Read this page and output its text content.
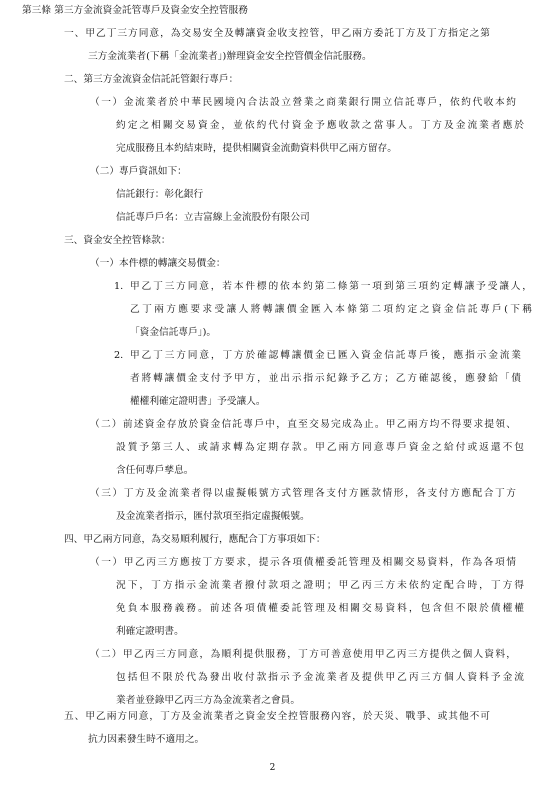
第三條 第三方金流資金託管專戶及資金安全控管服務
一、甲乙丁三方同意，為交易安全及轉讓資金收支控管，甲乙兩方委託丁方及丁方指定之第
三方金流業者(下稱「金流業者」)辦理資金安全控管價金信託服務。
二、第三方金流資金信託託管銀行專戶：
（一）金流業者於中華民國境內合法設立營業之商業銀行開立信託專戶，依約代收本約
約定之相關交易資金，並依約代付資金予應收款之當事人。丁方及金流業者應於
完成服務且本約結束時，提供相關資金流動資料供甲乙兩方留存。
（二）專戶資訊如下：
信託銀行：彰化銀行
信託專戶戶名：立吉富線上金流股份有限公司
三、資金安全控管條款：
（一）本件標的轉讓交易價金：
1. 甲乙丁三方同意，若本件標的依本約第二條第一項到第三項約定轉讓予受讓人，
乙丁兩方應要求受讓人將轉讓價金匯入本條第二項約定之資金信託專戶(下稱
「資金信託專戶」)。
2. 甲乙丁三方同意，丁方於確認轉讓價金已匯入資金信託專戶後，應指示金流業
者將轉讓價金支付予甲方，並出示指示紀錄予乙方；乙方確認後，應發給「債
權權利確定證明書」予受讓人。
（二）前述資金存放於資金信託專戶中，直至交易完成為止。甲乙兩方均不得要求提領、
設質予第三人、或請求轉為定期存款。甲乙兩方同意專戶資金之給付或返還不包
含任何專戶孳息。
（三）丁方及金流業者得以虛擬帳號方式管理各支付方匯款情形，各支付方應配合丁方
及金流業者指示，匯付款項至指定虛擬帳號。
四、甲乙兩方同意，為交易順利履行，應配合丁方事項如下：
（一）甲乙丙三方應按丁方要求，提示各項債權委託管理及相關交易資料，作為各項情
況下，丁方指示金流業者撥付款項之證明；甲乙丙三方未依約定配合時，丁方得
免負本服務義務。前述各項債權委託管理及相關交易資料，包含但不限於債權權
利確定證明書。
（二）甲乙丙三方同意，為順利提供服務，丁方可善意使用甲乙丙三方提供之個人資料，
包括但不限於代為發出收付款指示予金流業者及提供甲乙丙三方個人資料予金流
業者並登錄甲乙丙三方為金流業者之會員。
五、甲乙兩方同意，丁方及金流業者之資金安全控管服務內容，於天災、戰爭、或其他不可
抗力因素發生時不適用之。
2
